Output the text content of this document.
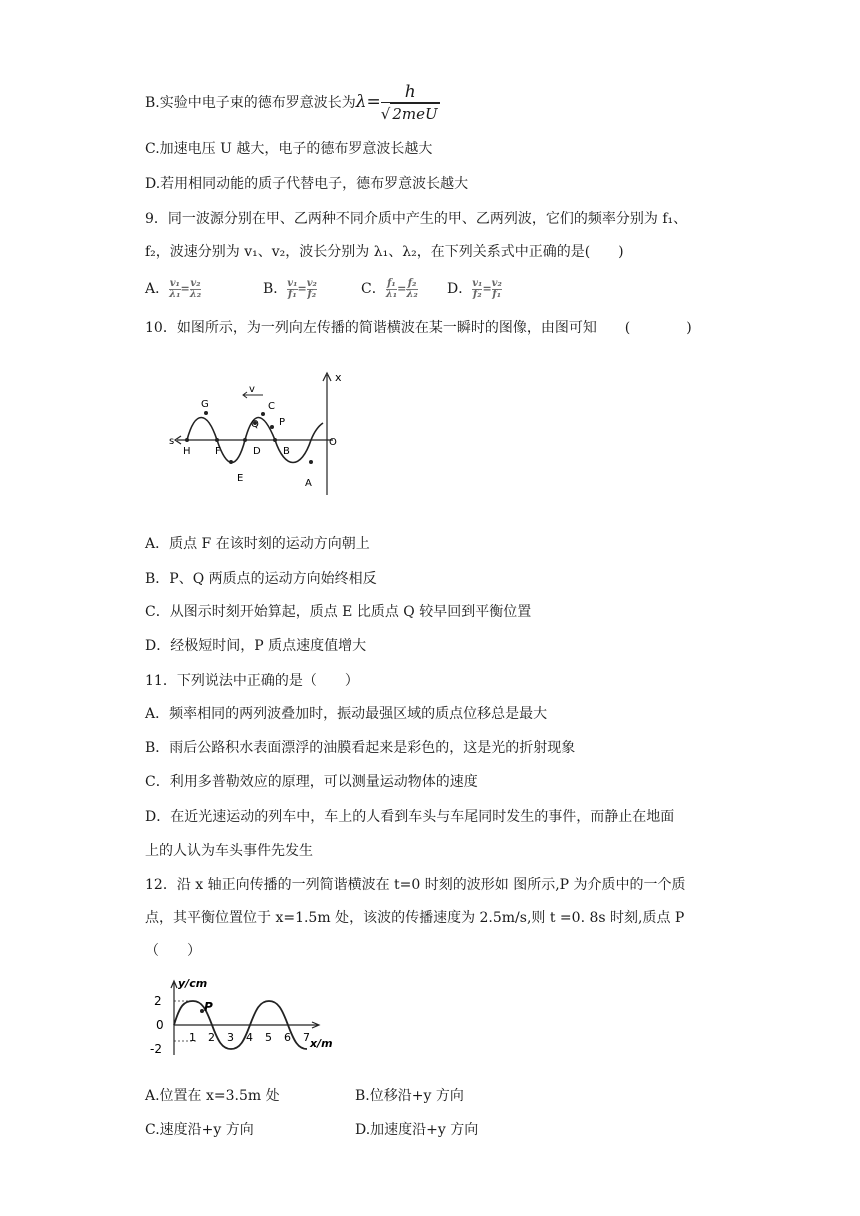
B.实验中电子束的德布罗意波长为$\lambda= \frac{h}{\text{√ 2meU}}$
C.加速电压 U 越大，电子的德布罗意波长越大
D.若用相同动能的质子代替电子，德布罗意波长越大
9．同一波源分别在甲、乙两种不同介质中产生的甲、乙两列波，它们的频率分别为 f₁、
f₂，波速分别为 v₁、v₂，波长分别为 λ₁、λ₂，在下列关系式中正确的是(　　)
A． $\frac{\text{v₁}}{\text{λ₁}} = \frac{\text{v₂}}{\text{λ₂}}$	B． $\frac{\text{v₁}}{\text{f₁}} = \frac{\text{v₂}}{\text{f₂}}$	C． $\frac{\text{f₁}}{\text{λ₁}} = \frac{\text{f₂}}{\text{λ₂}}$ D． $\frac{\text{v₁}}{\text{f₂}} = \frac{\text{v₂}}{\text{f₁}}$
10．如图所示，为一列向左传播的简谐横波在某一瞬时的图像，由图可知　　(　　　　)
v
x
s
G	C
Q P
H F	D B
O
E	A
A．质点 F 在该时刻的运动方向朝上
B．P、Q 两质点的运动方向始终相反
C．从图示时刻开始算起，质点 E 比质点 Q 较早回到平衡位置
D．经极短时间，P 质点速度值增大
11．下列说法中正确的是（　　）
A．频率相同的两列波叠加时，振动最强区域的质点位移总是最大
B．雨后公路积水表面漂浮的油膜看起来是彩色的，这是光的折射现象
C．利用多普勒效应的原理，可以测量运动物体的速度
D．在近光速运动的列车中，车上的人看到车头与车尾同时发生的事件，而静止在地面
上的人认为车头事件先发生
12．沿 x 轴正向传播的一列简谐横波在 t=0 时刻的波形如 图所示,P 为介质中的一个质
点，其平衡位置位于 x=1.5m 处，该波的传播速度为 2.5m/s,则 t =0. 8s 时刻,质点 P
（　　）
2
0
-2
y/cm
x/m
P
1 2 3 4 5 6 7
A.位置在 x=3.5m 处	B.位移沿+y 方向
C.速度沿+y 方向	D.加速度沿+y 方向
